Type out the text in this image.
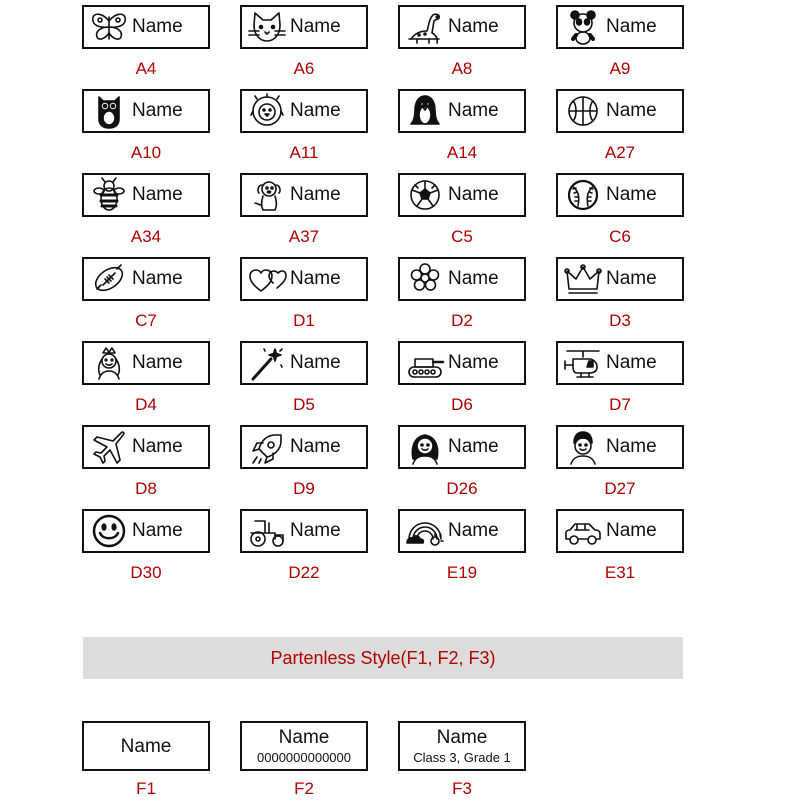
Name
A4
Name
A6
Name
A8
Name
A9
Name
A10
Name
A11
Name
A14
Name
A27
Name
A34
Name
A37
Name
C5
Name
C6
Name
C7
Name
D1
Name
D2
Name
D3
Name
D4
Name
D5
Name
D6
Name
D7
Name
D8
Name
D9
Name
D26
Name
D27
Name
D30
Name
D22
Name
E19
Name
E31
Partenless Style(F1, F2, F3)
Name
F1
Name
0000000000000
F2
Name
Class 3, Grade 1
F3
